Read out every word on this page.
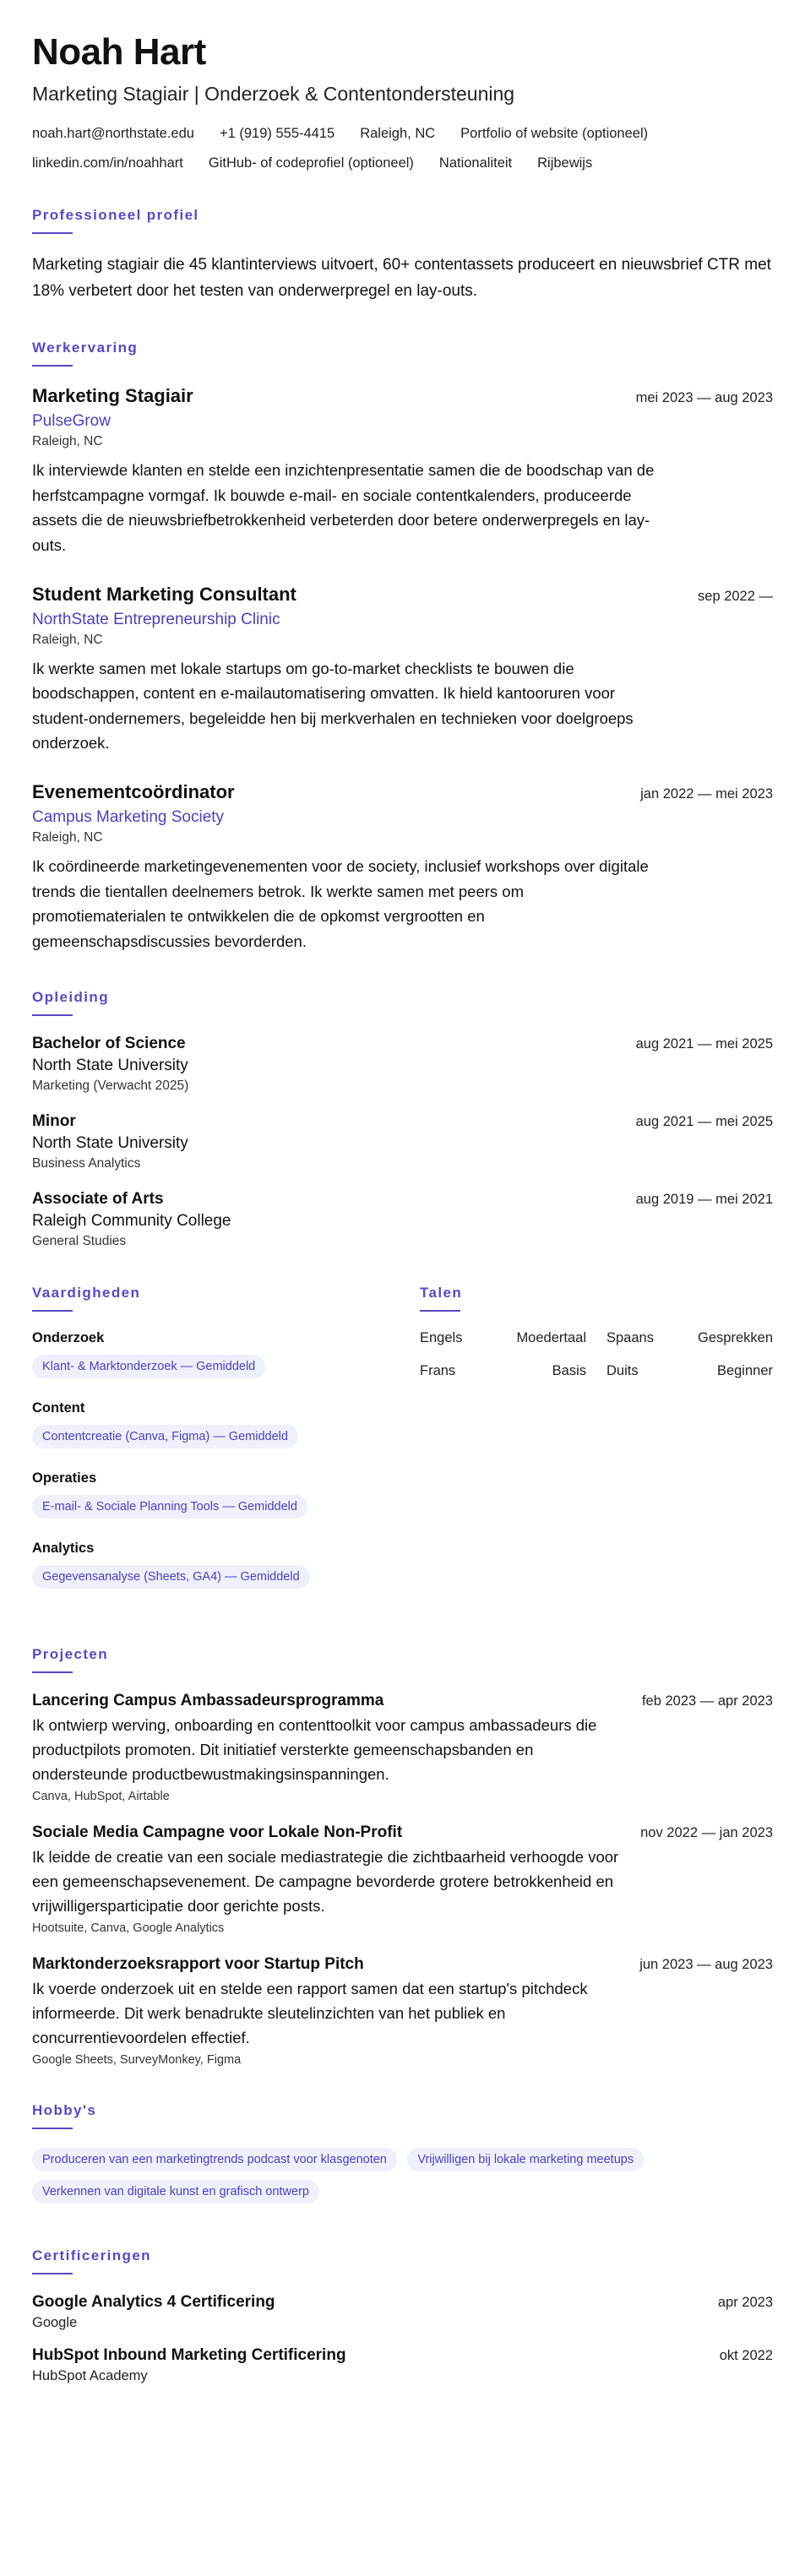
Noah Hart
Marketing Stagiair | Onderzoek & Contentondersteuning
noah.hart@northstate.edu +1 (919) 555-4415 Raleigh, NC Portfolio of website (optioneel)
linkedin.com/in/noahhart GitHub- of codeprofiel (optioneel) Nationaliteit Rijbewijs
Professioneel profiel

Marketing stagiair die 45 klantinterviews uitvoert, 60+ contentassets produceert en nieuwsbrief CTR met 18% verbetert door het testen van onderwerpregel en lay-outs.

Werkervaring
Marketing Stagiair	mei 2023 — aug 2023
PulseGrow
Raleigh, NC

Ik interviewde klanten en stelde een inzichtenpresentatie samen die de boodschap van de herfstcampagne vormgaf. Ik bouwde e-mail- en sociale contentkalenders, produceerde assets die de nieuwsbriefbetrokkenheid verbeterden door betere onderwerpregels en lay-outs.

Student Marketing Consultant	sep 2022 —
NorthState Entrepreneurship Clinic
Raleigh, NC

Ik werkte samen met lokale startups om go-to-market checklists te bouwen die boodschappen, content en e-mailautomatisering omvatten. Ik hield kantooruren voor student-ondernemers, begeleidde hen bij merkverhalen en technieken voor doelgroeps onderzoek.

Evenementcoördinator	jan 2022 — mei 2023
Campus Marketing Society
Raleigh, NC

Ik coördineerde marketingevenementen voor de society, inclusief workshops over digitale trends die tientallen deelnemers betrok. Ik werkte samen met peers om promotiematerialen te ontwikkelen die de opkomst vergrootten en gemeenschapsdiscussies bevorderden.

Opleiding
Bachelor of Science	aug 2021 — mei 2025
North State University
Marketing (Verwacht 2025)
Minor	aug 2021 — mei 2025
North State University
Business Analytics
Associate of Arts	aug 2019 — mei 2021
Raleigh Community College
General Studies
Vaardigheden
Onderzoek
Klant- & Marktonderzoek — Gemiddeld
Content
Contentcreatie (Canva, Figma) — Gemiddeld
Operaties
E-mail- & Sociale Planning Tools — Gemiddeld
Analytics
Gegevensanalyse (Sheets, GA4) — Gemiddeld
Talen
Engels	Moedertaal Spaans	Gesprekken
Frans	Basis Duits	Beginner
Projecten
Lancering Campus Ambassadeursprogramma	feb 2023 — apr 2023

Ik ontwierp werving, onboarding en contenttoolkit voor campus ambassadeurs die productpilots promoten. Dit initiatief versterkte gemeenschapsbanden en ondersteunde productbewustmakingsinspanningen.

Canva, HubSpot, Airtable
Sociale Media Campagne voor Lokale Non-Profit	nov 2022 — jan 2023

Ik leidde de creatie van een sociale mediastrategie die zichtbaarheid verhoogde voor een gemeenschapsevenement. De campagne bevorderde grotere betrokkenheid en vrijwilligersparticipatie door gerichte posts.

Hootsuite, Canva, Google Analytics
Marktonderzoeksrapport voor Startup Pitch	jun 2023 — aug 2023

Ik voerde onderzoek uit en stelde een rapport samen dat een startup's pitchdeck informeerde. Dit werk benadrukte sleutelinzichten van het publiek en concurrentievoordelen effectief.

Google Sheets, SurveyMonkey, Figma
Hobby's
Produceren van een marketingtrends podcast voor klasgenoten	Vrijwilligen bij lokale marketing meetups Verkennen van digitale kunst en grafisch ontwerp
Certificeringen
Google Analytics 4 Certificering	apr 2023
Google
HubSpot Inbound Marketing Certificering	okt 2022
HubSpot Academy
